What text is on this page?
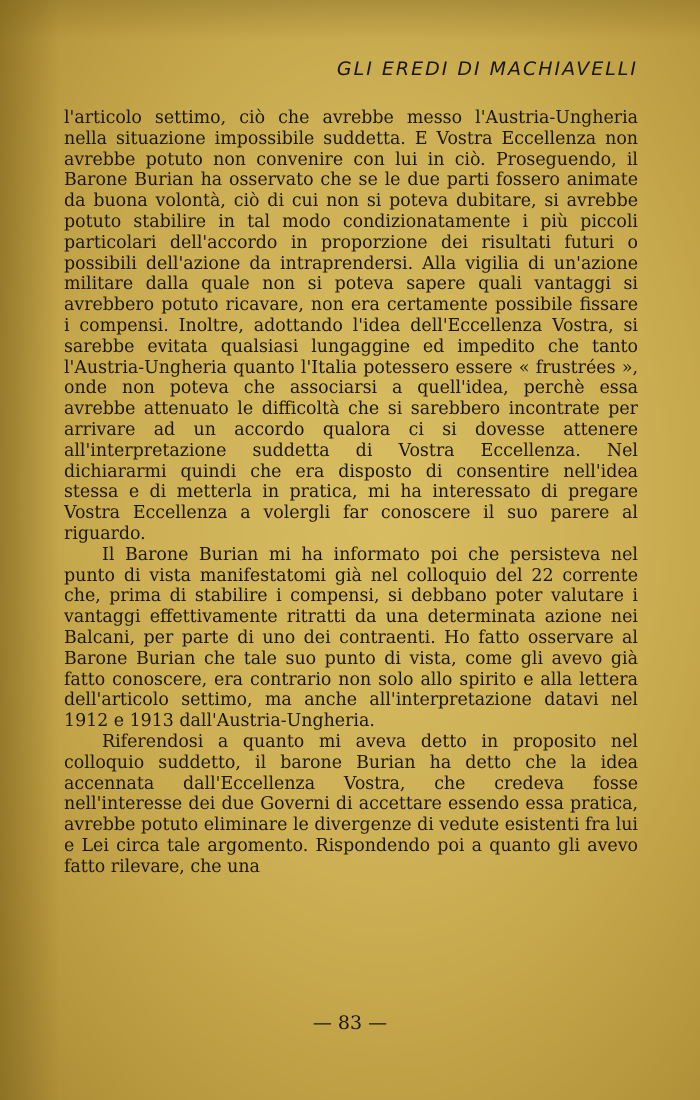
GLI EREDI DI MACHIAVELLI

l'articolo settimo, ciò che avrebbe messo l'Austria-Ungheria nella situazione impossibile suddetta. E Vostra Eccellenza non avrebbe potuto non convenire con lui in ciò. Proseguendo, il Barone Burian ha osservato che se le due parti fossero animate da buona volontà, ciò di cui non si poteva dubitare, si avrebbe potuto stabilire in tal modo condizionatamente i più piccoli particolari dell'accordo in proporzione dei risultati futuri o possibili dell'azione da intraprendersi. Alla vigilia di un'azione militare dalla quale non si poteva sapere quali vantaggi si avrebbero potuto ricavare, non era certamente possibile fissare i compensi. Inoltre, adottando l'idea dell'Eccellenza Vostra, si sarebbe evitata qualsiasi lungaggine ed impedito che tanto l'Austria-Ungheria quanto l'Italia potessero essere « frustrées », onde non poteva che associarsi a quell'idea, perchè essa avrebbe attenuato le difficoltà che si sarebbero incontrate per arrivare ad un accordo qualora ci si dovesse attenere all'interpretazione suddetta di Vostra Eccellenza. Nel dichiararmi quindi che era disposto di consentire nell'idea stessa e di metterla in pratica, mi ha interessato di pregare Vostra Eccellenza a volergli far conoscere il suo parere al riguardo.

Il Barone Burian mi ha informato poi che persisteva nel punto di vista manifestatomi già nel colloquio del 22 corrente che, prima di stabilire i compensi, si debbano poter valutare i vantaggi effettivamente ritratti da una determinata azione nei Balcani, per parte di uno dei contraenti. Ho fatto osservare al Barone Burian che tale suo punto di vista, come gli avevo già fatto conoscere, era contrario non solo allo spirito e alla lettera dell'articolo settimo, ma anche all'interpretazione datavi nel 1912 e 1913 dall'Austria-Ungheria.

Riferendosi a quanto mi aveva detto in proposito nel colloquio suddetto, il barone Burian ha detto che la idea accennata dall'Eccellenza Vostra, che credeva fosse nell'interesse dei due Governi di accettare essendo essa pratica, avrebbe potuto eliminare le divergenze di vedute esistenti fra lui e Lei circa tale argomento. Rispondendo poi a quanto gli avevo fatto rilevare, che una

— 83 —
